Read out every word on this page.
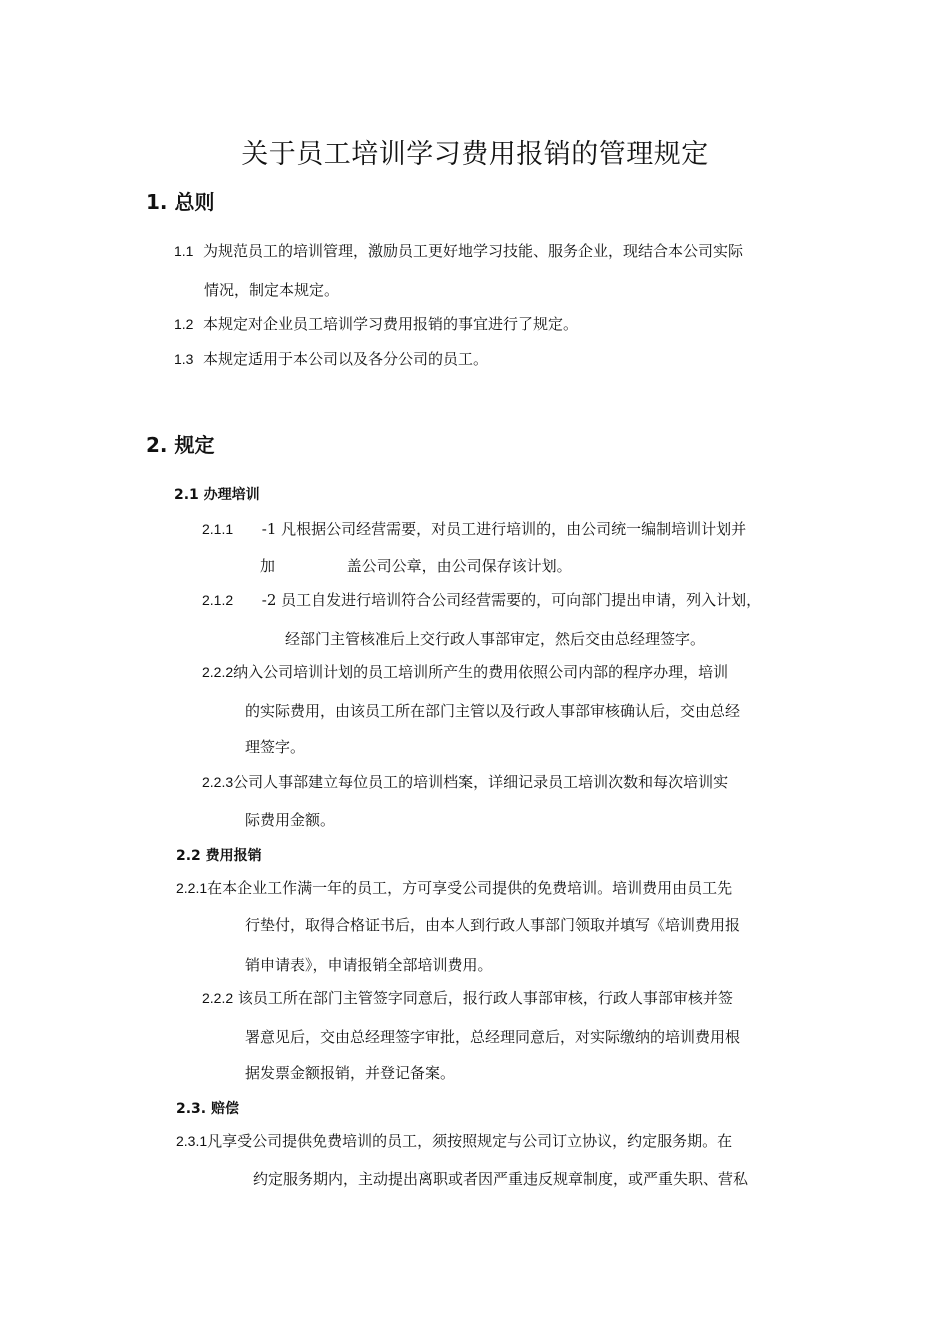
关于员工培训学习费用报销的管理规定
1. 总则
1.1 为规范员工的培训管理，激励员工更好地学习技能、服务企业，现结合本公司实际
情况，制定本规定。
1.2 本规定对企业员工培训学习费用报销的事宜进行了规定。
1.3 本规定适用于本公司以及各分公司的员工。
2. 规定
2.1 办理培训
2.1.1 -1 凡根据公司经营需要，对员工进行培训的，由公司统一编制培训计划并
加	盖公司公章，由公司保存该计划。
2.1.2 -2 员工自发进行培训符合公司经营需要的，可向部门提出申请，列入计划，
经部门主管核准后上交行政人事部审定，然后交由总经理签字。
2.2.2纳入公司培训计划的员工培训所产生的费用依照公司内部的程序办理，培训
的实际费用，由该员工所在部门主管以及行政人事部审核确认后，交由总经
理签字。
2.2.3公司人事部建立每位员工的培训档案，详细记录员工培训次数和每次培训实
际费用金额。
2.2 费用报销
2.2.1在本企业工作满一年的员工，方可享受公司提供的免费培训。培训费用由员工先
行垫付，取得合格证书后，由本人到行政人事部门领取并填写《培训费用报
销申请表》，申请报销全部培训费用。
2.2.2 该员工所在部门主管签字同意后，报行政人事部审核，行政人事部审核并签
署意见后，交由总经理签字审批，总经理同意后，对实际缴纳的培训费用根
据发票金额报销，并登记备案。
2.3. 赔偿
2.3.1凡享受公司提供免费培训的员工，须按照规定与公司订立协议，约定服务期。在
约定服务期内，主动提出离职或者因严重违反规章制度，或严重失职、营私
